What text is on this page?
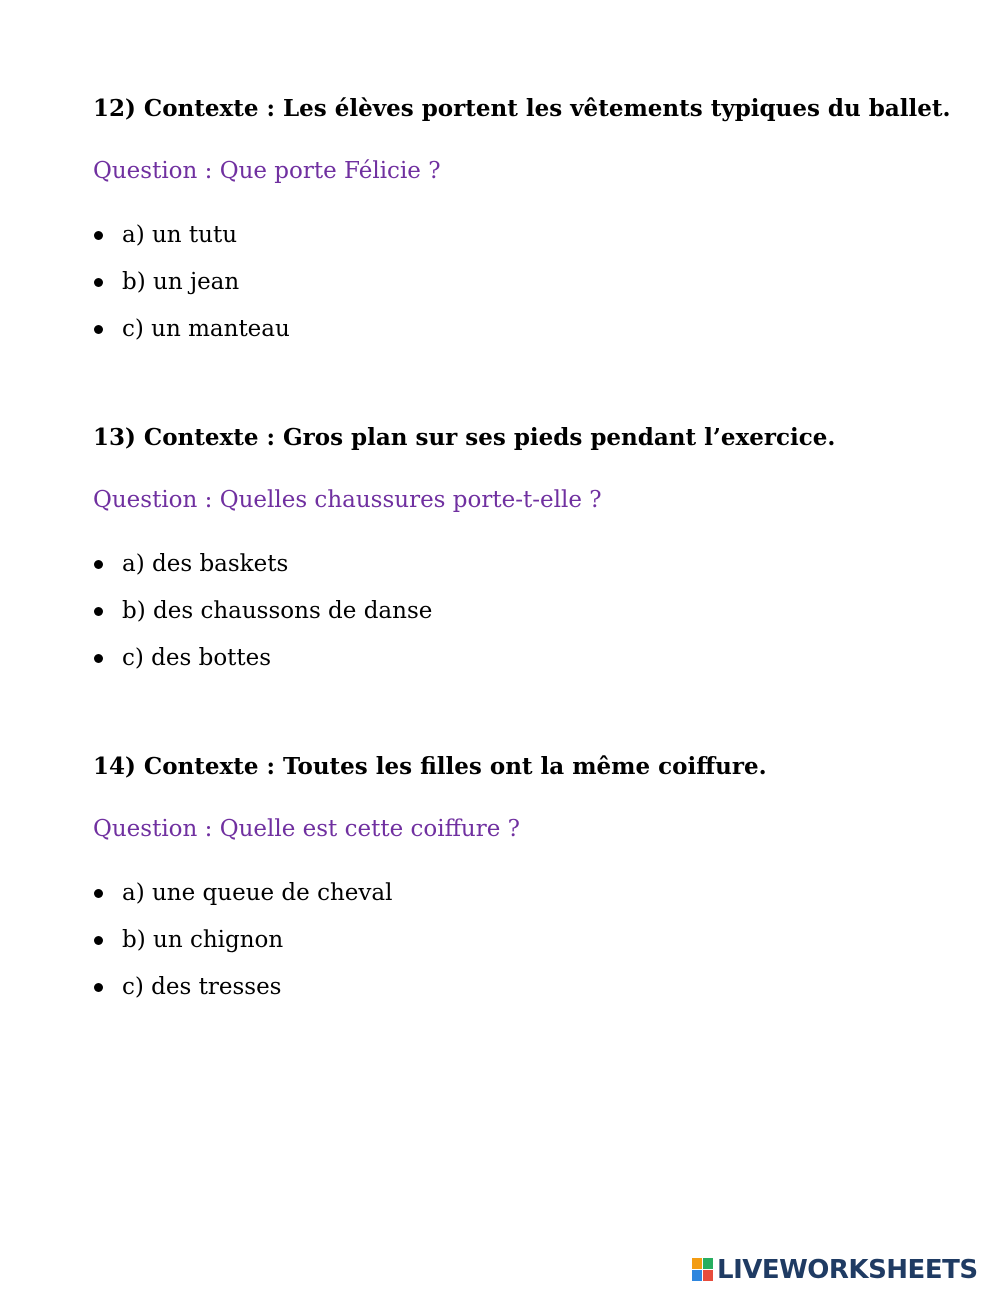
12) Contexte : Les élèves portent les vêtements typiques du ballet.

Question : Que porte Félicie ?

a) un tutu
b) un jean
c) un manteau

13) Contexte : Gros plan sur ses pieds pendant l’exercice.

Question : Quelles chaussures porte-t-elle ?

a) des baskets
b) des chaussons de danse
c) des bottes

14) Contexte : Toutes les filles ont la même coiffure.

Question : Quelle est cette coiffure ?

a) une queue de cheval
b) un chignon
c) des tresses
LIVEWORKSHEETS
